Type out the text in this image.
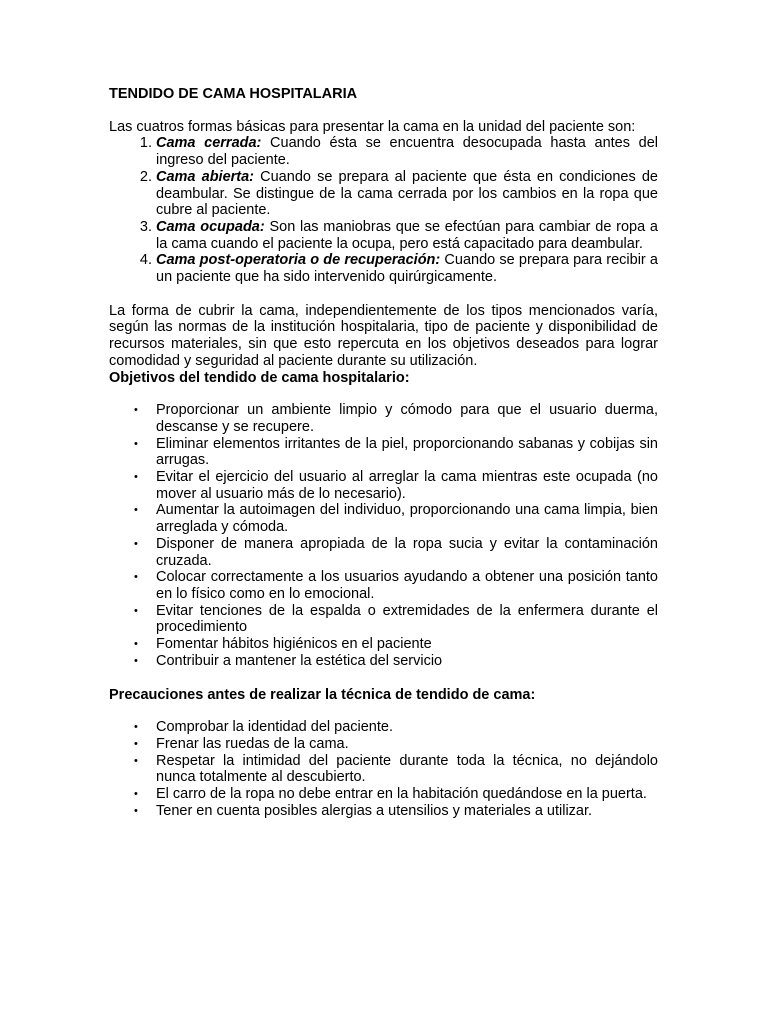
TENDIDO DE CAMA HOSPITALARIA

Las cuatros formas básicas para presentar la cama en la unidad del paciente son:

1. Cama cerrada: Cuando ésta se encuentra desocupada hasta antes del ingreso del paciente.
2. Cama abierta: Cuando se prepara al paciente que ésta en condiciones de deambular. Se distingue de la cama cerrada por los cambios en la ropa que cubre al paciente.
3. Cama ocupada: Son las maniobras que se efectúan para cambiar de ropa a la cama cuando el paciente la ocupa, pero está capacitado para deambular.
4. Cama post-operatoria o de recuperación: Cuando se prepara para recibir a un paciente que ha sido intervenido quirúrgicamente.

La forma de cubrir la cama, independientemente de los tipos mencionados varía, según las normas de la institución hospitalaria, tipo de paciente y disponibilidad de recursos materiales, sin que esto repercuta en los objetivos deseados para lograr comodidad y seguridad al paciente durante su utilización.

Objetivos del tendido de cama hospitalario:
• Proporcionar un ambiente limpio y cómodo para que el usuario duerma, descanse y se recupere.
• Eliminar elementos irritantes de la piel, proporcionando sabanas y cobijas sin arrugas.
• Evitar el ejercicio del usuario al arreglar la cama mientras este ocupada (no mover al usuario más de lo necesario).
• Aumentar la autoimagen del individuo, proporcionando una cama limpia, bien arreglada y cómoda.
• Disponer de manera apropiada de la ropa sucia y evitar la contaminación cruzada.
• Colocar correctamente a los usuarios ayudando a obtener una posición tanto en lo físico como en lo emocional.
• Evitar tenciones de la espalda o extremidades de la enfermera durante el procedimiento
• Fomentar hábitos higiénicos en el paciente
• Contribuir a mantener la estética del servicio
Precauciones antes de realizar la técnica de tendido de cama:
• Comprobar la identidad del paciente.
• Frenar las ruedas de la cama.
• Respetar la intimidad del paciente durante toda la técnica, no dejándolo nunca totalmente al descubierto.
• El carro de la ropa no debe entrar en la habitación quedándose en la puerta.
• Tener en cuenta posibles alergias a utensilios y materiales a utilizar.
